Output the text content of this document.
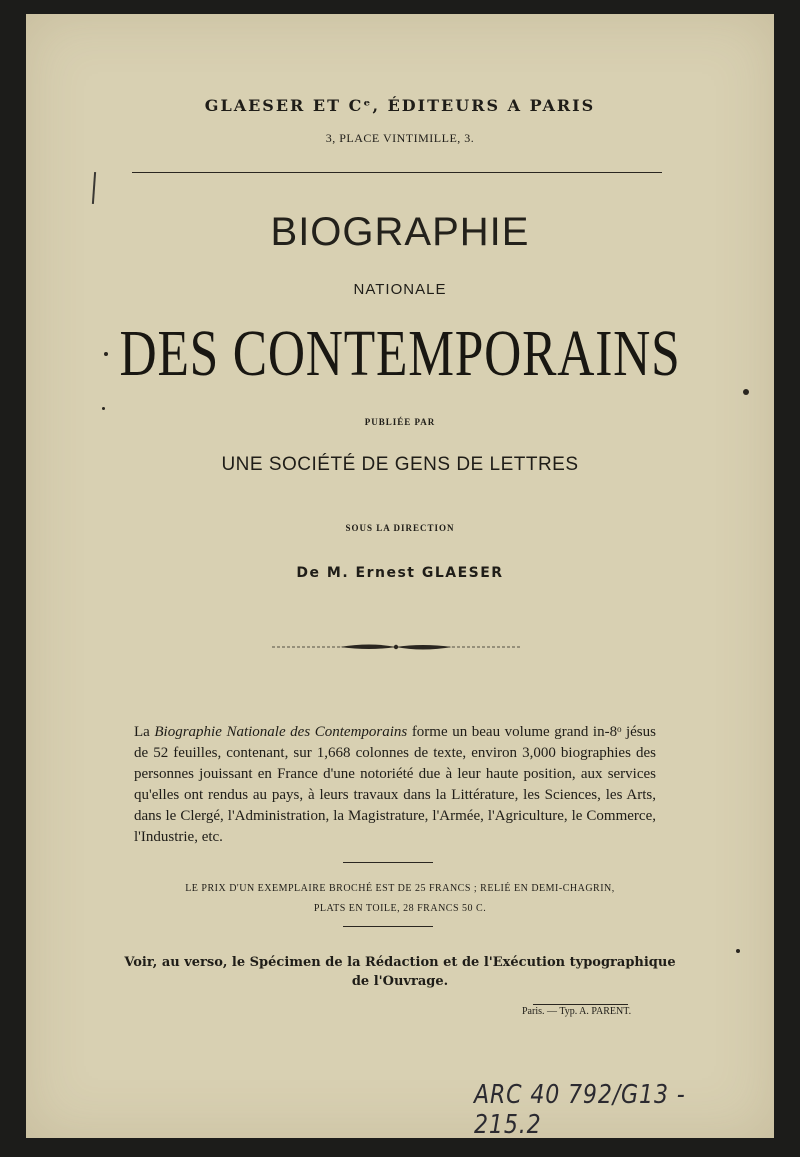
GLAESER ET Cᵉ, ÉDITEURS A PARIS

3, PLACE VINTIMILLE, 3.

BIOGRAPHIE

NATIONALE

DES CONTEMPORAINS

PUBLIÉE PAR

UNE SOCIÉTÉ DE GENS DE LETTRES

SOUS LA DIRECTION

De M. Ernest GLAESER

La Biographie Nationale des Contemporains forme un beau volume grand in-8ᵒ jésus de 52 feuilles, contenant, sur 1,668 colonnes de texte, environ 3,000 biographies des personnes jouissant en France d'une notoriété due à leur haute position, aux services qu'elles ont rendus au pays, à leurs travaux dans la Littérature, les Sciences, les Arts, dans le Clergé, l'Administration, la Magistrature, l'Armée, l'Agriculture, le Commerce, l'Industrie, etc.

LE PRIX D'UN EXEMPLAIRE BROCHÉ EST DE 25 FRANCS ; RELIÉ EN DEMI-CHAGRIN,
PLATS EN TOILE, 28 FRANCS 50 C.
Voir, au verso, le Spécimen de la Rédaction et de l'Exécution typographique
de l'Ouvrage.

Paris. — Typ. A. PARENT.

ARC 40 792/G13 - 215.2
